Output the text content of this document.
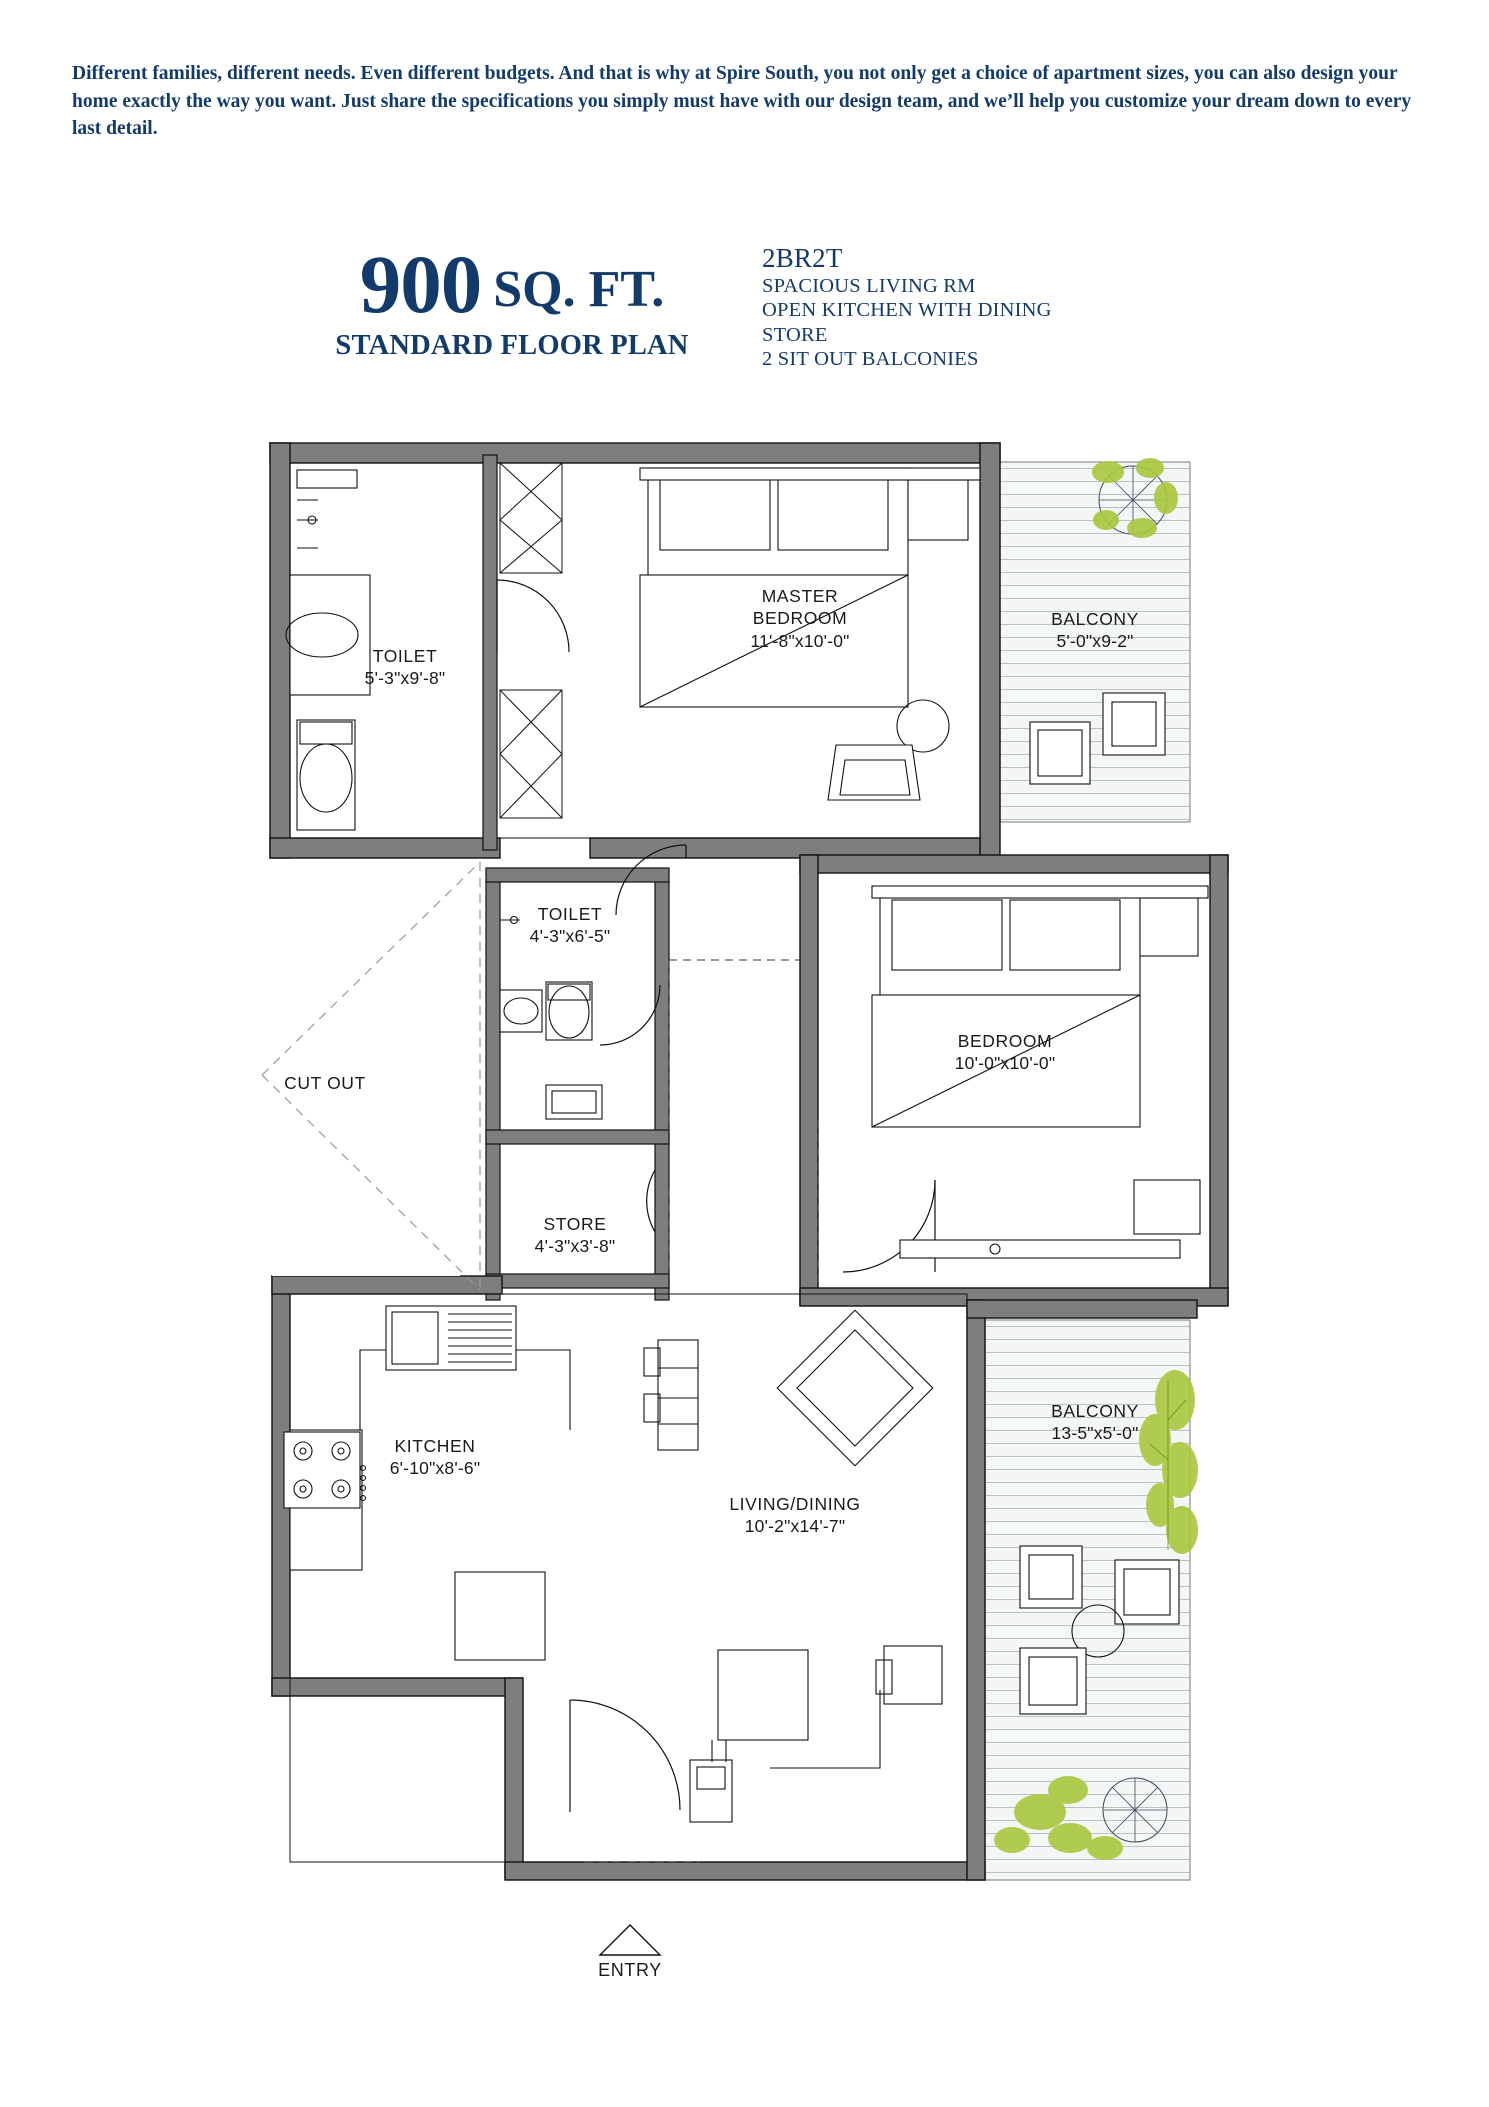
Different families, different needs. Even different budgets. And that is why at Spire South, you not only get a choice of apartment sizes, you can also design your home exactly the way you want. Just share the specifications you simply must have with our design team, and we’ll help you customize your dream down to every last detail.
900 SQ. FT.
STANDARD FLOOR PLAN
2BR2T
SPACIOUS LIVING RM
OPEN KITCHEN WITH DINING
STORE
2 SIT OUT BALCONIES
TOILET
5'-3"x9'-8"
MASTER
BEDROOM
11'-8"x10'-0"
BALCONY
5'-0"x9-2"
TOILET
4'-3"x6'-5"
BEDROOM
10'-0"x10'-0"
STORE
4'-3"x3'-8"
KITCHEN
6'-10"x8'-6"
LIVING/DINING
10'-2"x14'-7"
BALCONY
13-5"x5'-0"
CUT OUT
ENTRY
